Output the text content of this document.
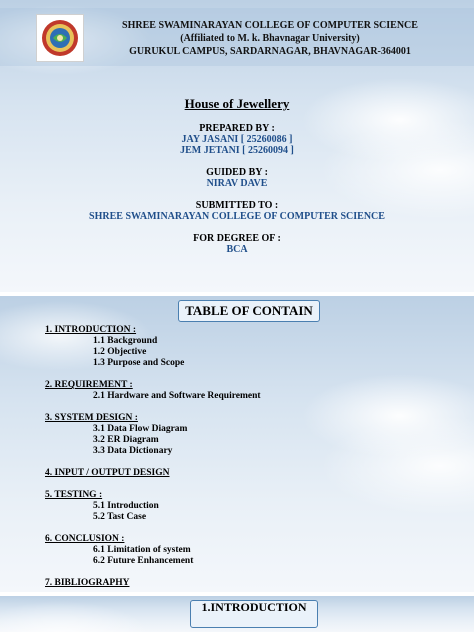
SHREE SWAMINARAYAN COLLEGE OF COMPUTER SCIENCE
(Affiliated to M. k. Bhavnagar University)
GURUKUL CAMPUS, SARDARNAGAR, BHAVNAGAR-364001
House of Jewellery
PREPARED BY :
JAY JASANI [ 25260086 ]
JEM JETANI [ 25260094 ]
GUIDED BY :
NIRAV DAVE
SUBMITTED TO :
SHREE SWAMINARAYAN COLLEGE OF COMPUTER SCIENCE
FOR DEGREE OF :
BCA
TABLE OF CONTAIN
1. INTRODUCTION :
1.1 Background
1.2 Objective
1.3 Purpose and Scope
2. REQUIREMENT :
2.1 Hardware and Software Requirement
3. SYSTEM DESIGN :
3.1 Data Flow Diagram
3.2 ER Diagram
3.3 Data Dictionary
4. INPUT / OUTPUT DESIGN
5. TESTING :
5.1 Introduction
5.2 Tast Case
6. CONCLUSION :
6.1 Limitation of system
6.2 Future Enhancement
7. BIBLIOGRAPHY
1.INTRODUCTION
